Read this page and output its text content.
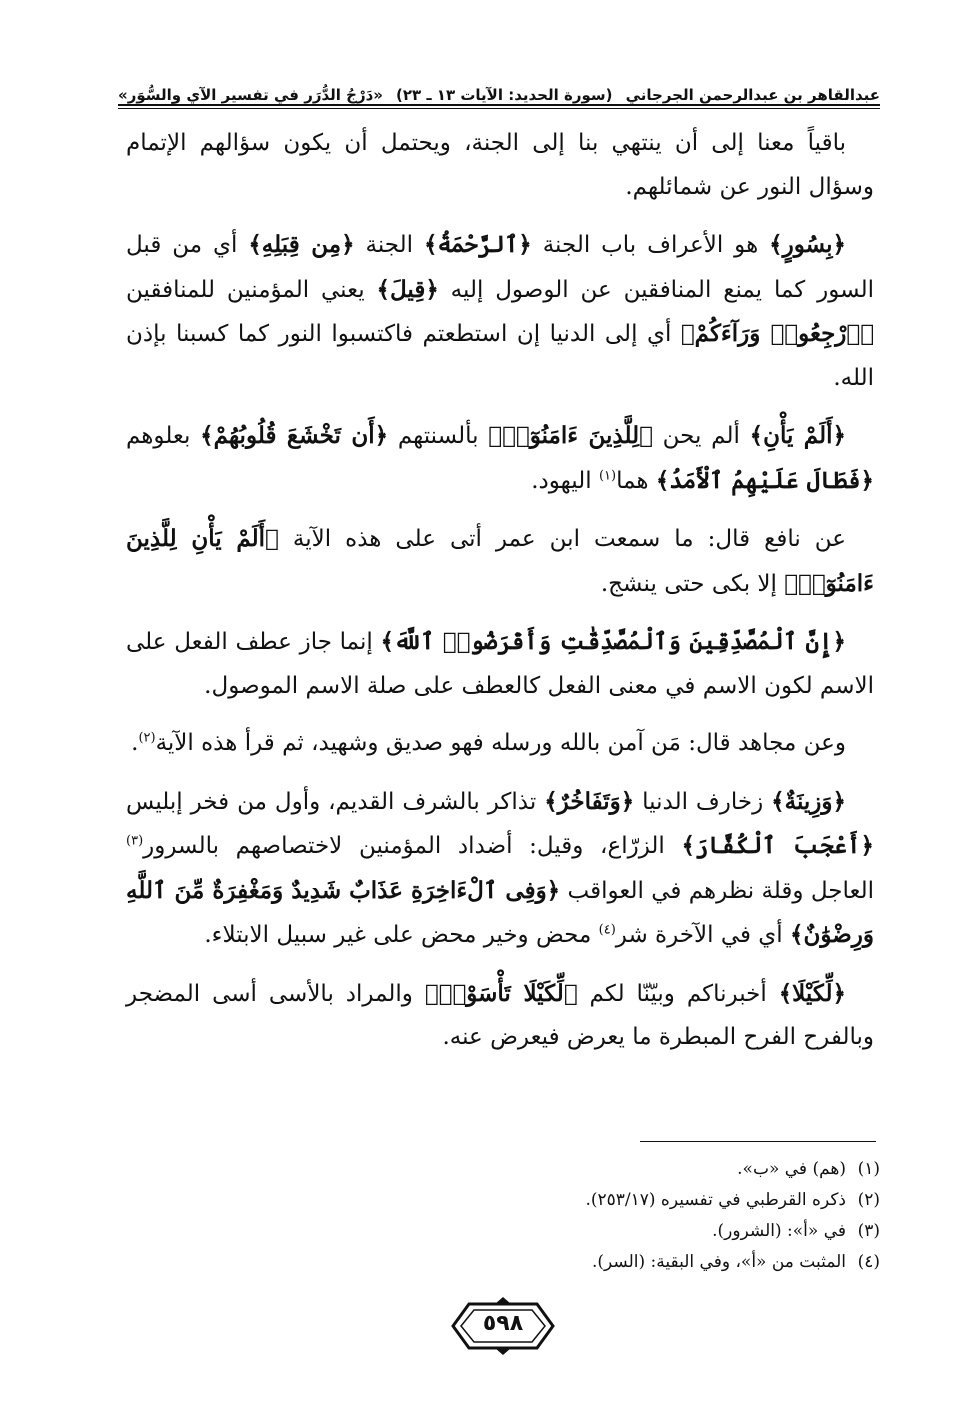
عبدالقاهر بن عبدالرحمن الجرجاني
(سورة الحديد: الآيات ١٣ ـ ٢٣)
«دَرْجُ الدُّرَرِ في تفسيرِ الآيِ والسُّوَرِ»

باقياً معنا إلى أن ينتهي بنا إلى الجنة، ويحتمل أن يكون سؤالهم الإتمام وسؤال النور عن شمائلهم.

﴿بِسُورٍ﴾ هو الأعراف باب الجنة ﴿ٱلرَّحْمَةُ﴾ الجنة ﴿مِن قِبَلِهِ﴾ أي من قبل السور كما يمنع المنافقين عن الوصول إليه ﴿قِيلَ﴾ يعني المؤمنين للمنافقين ﴿ٱرْجِعُوا۟ وَرَآءَكُمْ﴾ أي إلى الدنيا إن استطعتم فاكتسبوا النور كما كسبنا بإذن الله.

﴿أَلَمْ يَأْنِ﴾ ألم يحن ﴿لِلَّذِينَ ءَامَنُوٓا۟﴾ بألسنتهم ﴿أَن تَخْشَعَ قُلُوبُهُمْ﴾ بعلوهم ﴿فَطَالَ عَلَيْهِمُ ٱلْأَمَدُ﴾ هما$^{(١)}$ اليهود.

عن نافع قال: ما سمعت ابن عمر أتى على هذه الآية ﴿أَلَمْ يَأْنِ لِلَّذِينَ ءَامَنُوٓا۟﴾ إلا بكى حتى ينشج.

﴿إِنَّ ٱلْمُصَّدِّقِينَ وَٱلْمُصَّدِّقَٰتِ وَأَقْرَضُوا۟ ٱللَّهَ﴾ إنما جاز عطف الفعل على الاسم لكون الاسم في معنى الفعل كالعطف على صلة الاسم الموصول.

وعن مجاهد قال: مَن آمن بالله ورسله فهو صديق وشهيد، ثم قرأ هذه الآية$^{(٢)}$.

﴿وَزِينَةٌ﴾ زخارف الدنيا ﴿وَتَفَاخُرٌ﴾ تذاكر بالشرف القديم، وأول من فخر إبليس ﴿أَعْجَبَ ٱلْكُفَّارَ﴾ الزرّاع، وقيل: أضداد المؤمنين لاختصاصهم بالسرور$^{(٣)}$ العاجل وقلة نظرهم في العواقب ﴿وَفِى ٱلْءَاخِرَةِ عَذَابٌ شَدِيدٌ وَمَغْفِرَةٌ مِّنَ ٱللَّهِ وَرِضْوَٰنٌ﴾ أي في الآخرة شر$^{(٤)}$ محض وخير محض على غير سبيل الابتلاء.

﴿لِّكَيْلَا﴾ أخبرناكم وبيّنّا لكم ﴿لِّكَيْلَا تَأْسَوْا۟﴾ والمراد بالأسى أسى المضجر وبالفرح الفرح المبطرة ما يعرض فيعرض عنه.

(١)(هم) في «ب».
(٢)ذكره القرطبي في تفسيره (٢٥٣/١٧).
(٣)في «أ»: (الشرور).
(٤)المثبت من «أ»، وفي البقية: (السر).
٥٩٨
